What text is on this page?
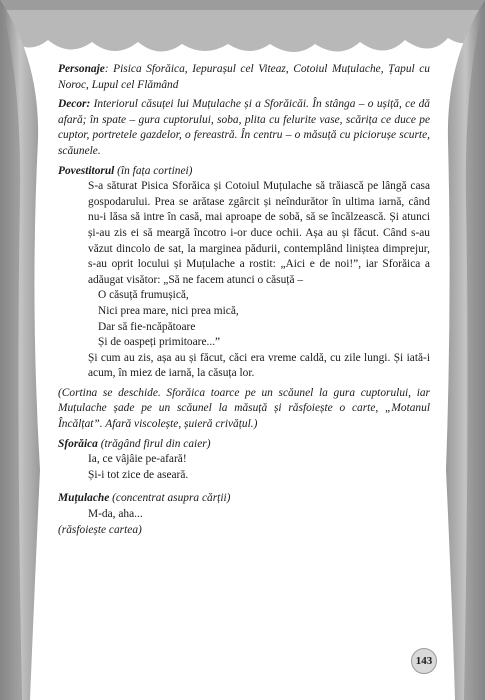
Personaje: Pisica Sforăica, Iepurașul cel Viteaz, Cotoiul Muțulache, Țapul cu Noroc, Lupul cel Flămând

Decor: Interiorul căsuței lui Muțulache și a Sforăicăi. În stânga – o ușiță, ce dă afară; în spate – gura cuptorului, soba, plita cu felurite vase, scărița ce duce pe cuptor, portretele gazdelor, o fereastră. În centru – o măsuță cu piciorușe scurte, scăunele.

Povestitorul (în fața cortinei)

S-a săturat Pisica Sforăica și Cotoiul Muțulache să trăiască pe lângă casa gospodarului. Prea se arătase zgârcit și neîndurător în ultima iarnă, când nu-i lăsa să intre în casă, mai aproape de sobă, să se încălzească. Și atunci și-au zis ei să meargă încotro i-or duce ochii. Așa au și făcut. Când s-au văzut dincolo de sat, la marginea pădurii, contemplând liniștea dimprejur, s-au oprit locului și Muțulache a rostit: „Aici e de noi!”, iar Sforăica a adăugat visător: „Să ne facem atunci o căsuță –

O căsuță frumușică,

Nici prea mare, nici prea mică,

Dar să fie-ncăpătoare

Și de oaspeți primitoare...”

Și cum au zis, așa au și făcut, căci era vreme caldă, cu zile lungi. Și iată-i acum, în miez de iarnă, la căsuța lor.

(Cortina se deschide. Sforăica toarce pe un scăunel la gura cuptorului, iar Muțulache șade pe un scăunel la măsuță și răsfoiește o carte, „Motanul Încălțat”. Afară viscolește, șuieră crivățul.)

Sforăica (trăgând firul din caier)

Ia, ce vâjâie pe-afară!

Și-i tot zice de aseară.

Muțulache (concentrat asupra cărții)

M-da, aha...

(răsfoiește cartea)

143
